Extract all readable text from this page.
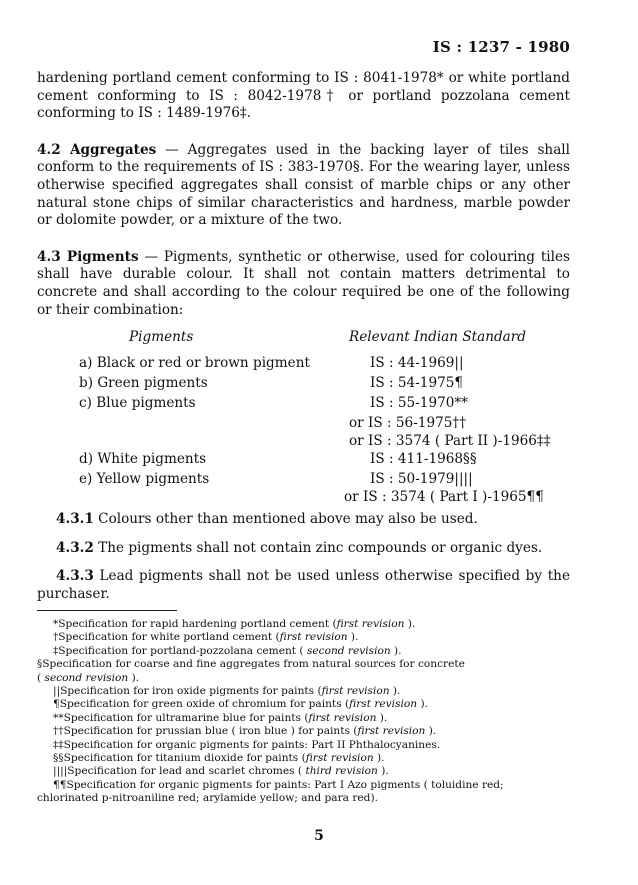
IS : 1237 - 1980

hardening portland cement conforming to IS : 8041-1978* or white portland cement conforming to IS : 8042-1978† or portland pozzolana cement conforming to IS : 1489-1976‡.

4.2 Aggregates — Aggregates used in the backing layer of tiles shall conform to the requirements of IS : 383-1970§. For the wearing layer, unless otherwise specified aggregates shall consist of marble chips or any other natural stone chips of similar characteristics and hardness, marble powder or dolomite powder, or a mixture of the two.

4.3 Pigments — Pigments, synthetic or otherwise, used for colouring tiles shall have durable colour. It shall not contain matters detrimental to concrete and shall according to the colour required be one of the following or their combination:

Pigments	Relevant Indian Standard
a) Black or red or brown pigment	IS : 44-1969||
b) Green pigments	IS : 54-1975¶
c) Blue pigments	IS : 55-1970**
or IS : 56-1975††
or IS : 3574 ( Part II )-1966‡‡
d) White pigments	IS : 411-1968§§
e) Yellow pigments	IS : 50-1979||||
or IS : 3574 ( Part I )-1965¶¶

4.3.1 Colours other than mentioned above may also be used.

4.3.2 The pigments shall not contain zinc compounds or organic dyes.

4.3.3 Lead pigments shall not be used unless otherwise specified by the purchaser.

*Specification for rapid hardening portland cement (first revision ).
†Specification for white portland cement (first revision ).
‡Specification for portland-pozzolana cement ( second revision ).
§Specification for coarse and fine aggregates from natural sources for concrete
( second revision ).
||Specification for iron oxide pigments for paints (first revision ).
¶Specification for green oxide of chromium for paints (first revision ).
**Specification for ultramarine blue for paints (first revision ).
††Specification for prussian blue ( iron blue ) for paints (first revision ).
‡‡Specification for organic pigments for paints: Part II Phthalocyanines.
§§Specification for titanium dioxide for paints (first revision ).
||||Specification for lead and scarlet chromes ( third revision ).
¶¶Specification for organic pigments for paints: Part I Azo pigments ( toluidine red;
chlorinated p-nitroaniline red; arylamide yellow; and para red).
5
